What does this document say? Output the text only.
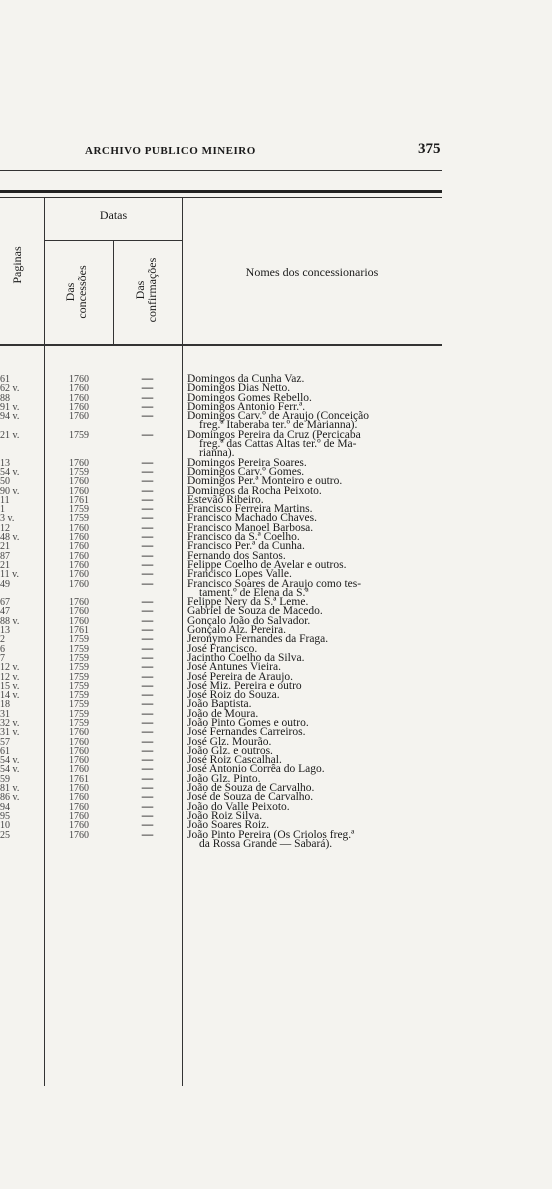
ARCHIVO PUBLICO MINEIRO	375
Datas
Paginas
Das concessões	Das confirmações	Nomes dos concessionarios
61	1760	—	Domingos da Cunha Vaz.
62 v.	1760	—	Domingos Dias Netto.
88	1760	—	Domingos Gomes Rebello.
91 v.	1760	—	Domingos Antonio Ferr.ª.
94 v.	1760	—	Domingos Carv.º de Araujo (Conceição
freg.ª Itaberaba ter.º de Marianna).
21 v.	1759	—	Domingos Pereira da Cruz (Percicaba
freg.ª das Cattas Altas ter.º de Ma-
rianna).
13	1760	—	Domingos Pereira Soares.
54 v.	1759	—	Domingos Carv.º Gomes.
50	1760	—	Domingos Per.ª Monteiro e outro.
90 v.	1760	—	Domingos da Rocha Peixoto.
11	1761	—	Estevão Ribeiro.
1	1759	—	Francisco Ferreira Martins.
3 v.	1759	—	Francisco Machado Chaves.
12	1760	—	Francisco Manoel Barbosa.
48 v.	1760	—	Francisco da S.ª Coelho.
21	1760	—	Francisco Per.ª da Cunha.
87	1760	—	Fernando dos Santos.
21	1760	—	Felippe Coelho de Avelar e outros.
11 v.	1760	—	Francisco Lopes Valle.
49	1760	—	Francisco Soares de Araujo como tes-
tament.º de Elena da S.ª
67	1760	—	Felippe Nery da S.ª Leme.
47	1760	—	Gabriel de Souza de Macedo.
88 v.	1760	—	Gonçalo João do Salvador.
13	1761	—	Gonçalo Alz. Pereira.
2	1759	—	Jeronymo Fernandes da Fraga.
6	1759	—	José Francisco.
7	1759	—	Jacintho Coelho da Silva.
12 v.	1759	—	José Antunes Vieira.
12 v.	1759	—	José Pereira de Araujo.
15 v.	1759	—	José Miz. Pereira e outro
14 v.	1759	—	José Roiz do Souza.
18	1759	—	João Baptista.
31	1759	—	João de Moura.
32 v.	1759	—	João Pinto Gomes e outro.
31 v.	1760	—	José Fernandes Carreiros.
57	1760	—	José Glz. Mourão.
61	1760	—	João Glz. e outros.
54 v.	1760	—	José Roiz Cascalhal.
54 v.	1760	—	José Antonio Corrêa do Lago.
59	1761	—	João Glz. Pinto.
81 v.	1760	—	João de Souza de Carvalho.
86 v.	1760	—	José de Souza de Carvalho.
94	1760	—	João do Valle Peixoto.
95	1760	—	João Roiz Silva.
10	1760	—	João Soares Roiz.
25	1760	—	João Pinto Pereira (Os Criolos freg.ª
da Rossa Grande — Sabará).
